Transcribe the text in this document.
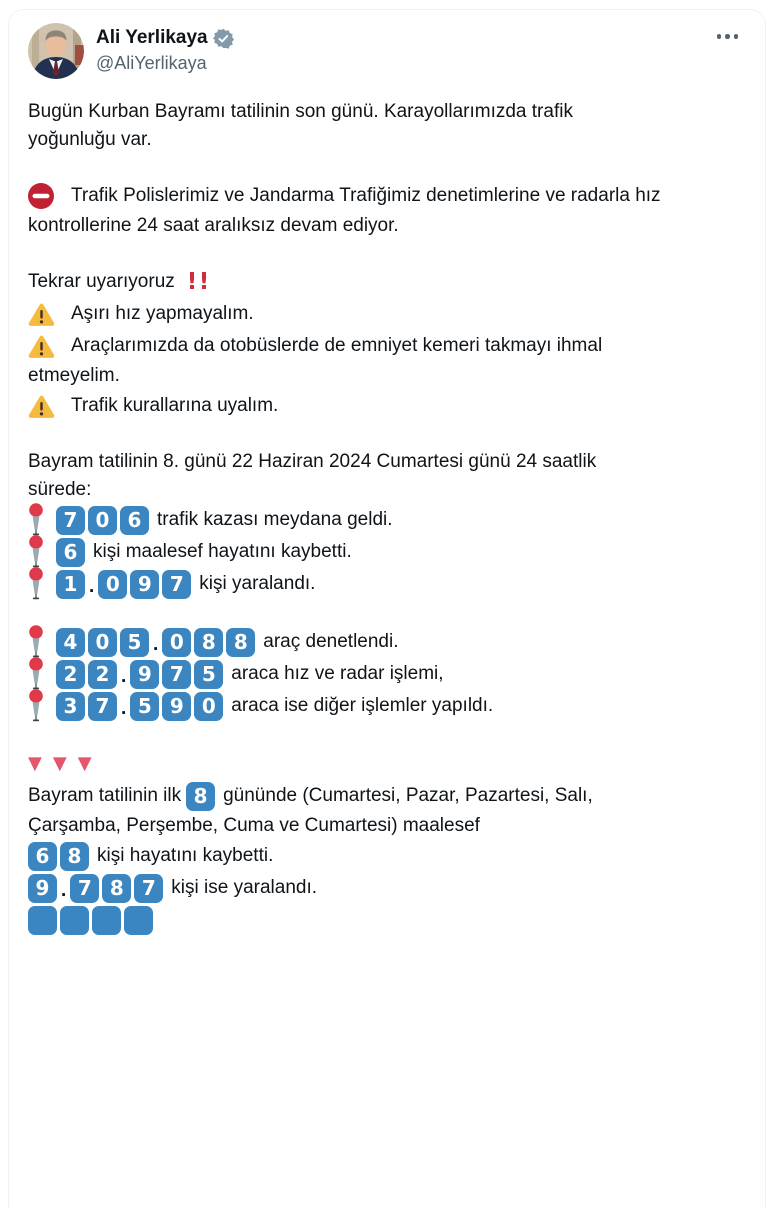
Ali Yerlikaya
@AliYerlikaya
Bugün Kurban Bayramı tatilinin son günü. Karayollarımızda trafik
yoğunluğu var.
Trafik Polislerimiz ve Jandarma Trafiğimiz denetimlerine ve radarla hız
kontrollerine 24 saat aralıksız devam ediyor.
Tekrar uyarıyoruz !!
Aşırı hız yapmayalım.
Araçlarımızda da otobüslerde de emniyet kemeri takmayı ihmal
etmeyelim.
Trafik kurallarına uyalım.
Bayram tatilinin 8. günü 22 Haziran 2024 Cumartesi günü 24 saatlik
sürede:
7 0 6 trafik kazası meydana geldi.
6 kişi maalesef hayatını kaybetti.
1 . 0 9 7 kişi yaralandı.
4 0 5 . 0 8 8 araç denetlendi.
2 2 . 9 7 5 araca hız ve radar işlemi,
3 7 . 5 9 0 araca ise diğer işlemler yapıldı.
▼ ▼ ▼
Bayram tatilinin ilk 8 gününde (Cumartesi, Pazar, Pazartesi, Salı,
Çarşamba, Perşembe, Cuma ve Cumartesi) maalesef
6 8 kişi hayatını kaybetti.
9 . 7 8 7 kişi ise yaralandı.
